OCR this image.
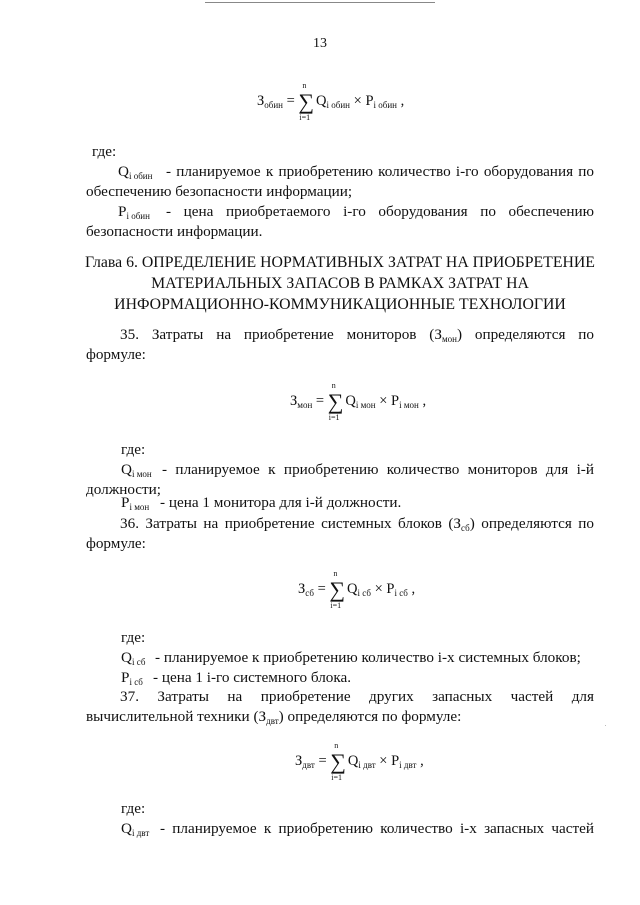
13
$З_{обин}$ = ∑
n
i=1
$Q_{i обин} \times P_{i обин}$ ,
где:
$Q_{i обин}$ - планируемое к приобретению количество i-го оборудования по
обеспечению безопасности информации;
$P_{i обин}$ - цена приобретаемого i-го оборудования по обеспечению
безопасности информации.
Глава 6. ОПРЕДЕЛЕНИЕ НОРМАТИВНЫХ ЗАТРАТ НА ПРИОБРЕТЕНИЕ
МАТЕРИАЛЬНЫХ ЗАПАСОВ В РАМКАХ ЗАТРАТ НА
ИНФОРМАЦИОННО-КОММУНИКАЦИОННЫЕ ТЕХНОЛОГИИ
35. Затраты на приобретение мониторов $(З_{мон})$ определяются по
формуле:
$З_{мон}$ = ∑
n
i=1
$Q_{i мон} \times P_{i мон}$ ,
где:
$Q_{i мон}$ - планируемое к приобретению количество мониторов для i-й
должности;
$P_{i мон}$ - цена 1 монитора для i-й должности.
36. Затраты на приобретение системных блоков $(З_{сб})$ определяются по
формуле:
$З_{сб}$ = ∑
n
i=1
$Q_{i сб} \times P_{i сб}$ ,
где:
$Q_{i сб}$ - планируемое к приобретению количество i-х системных блоков;
$P_{i сб}$ - цена 1 i-го системного блока.
37. Затраты на приобретение других запасных частей для
вычислительной техники $(З_{двт})$ определяются по формуле:
$З_{двт}$ = ∑
n
i=1
$Q_{i двт} \times P_{i двт}$ ,
где:
$Q_{i двт}$ - планируемое к приобретению количество i-х запасных частей
